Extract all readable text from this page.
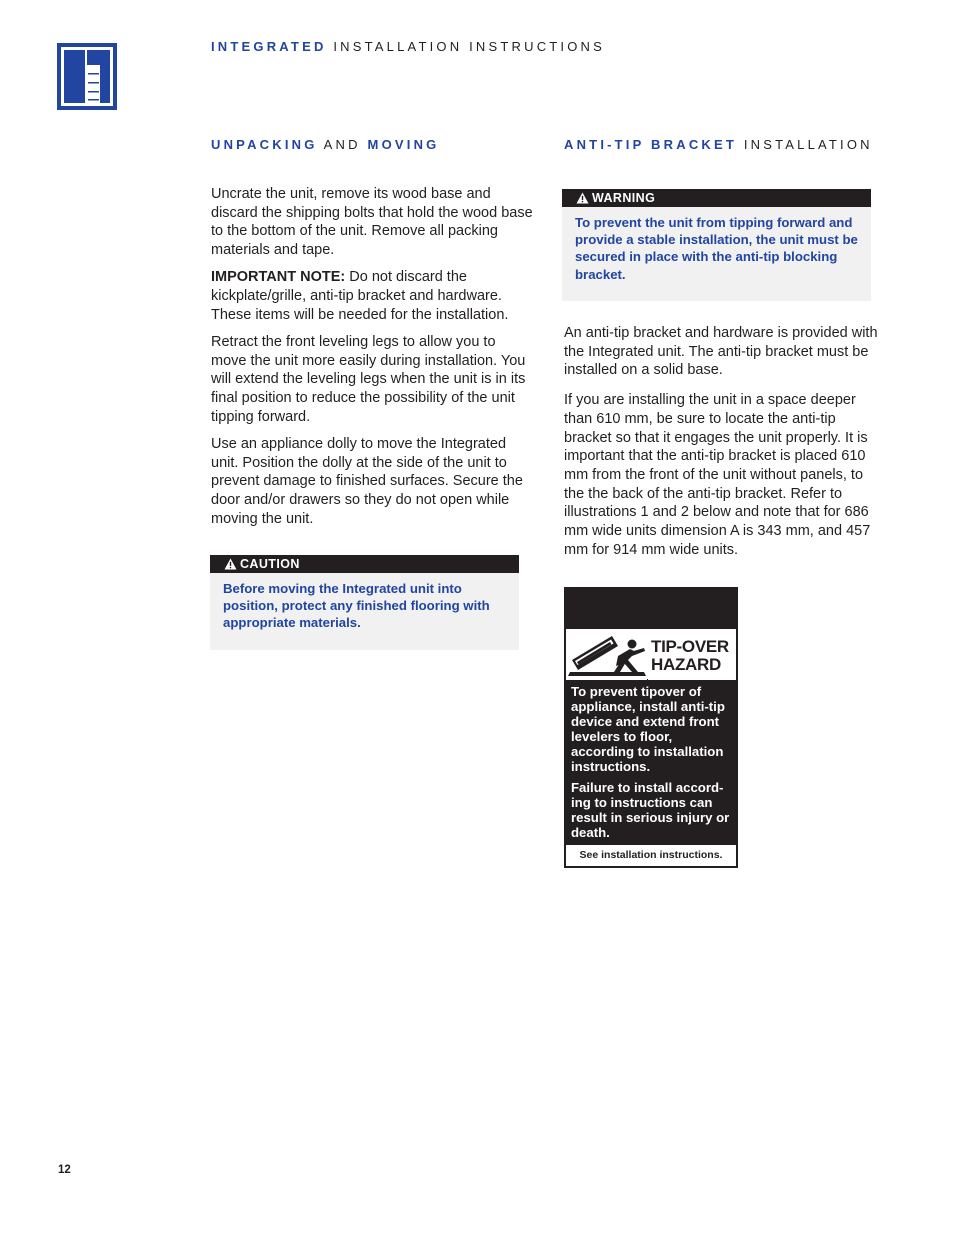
INTEGRATED INSTALLATION INSTRUCTIONS
UNPACKING AND MOVING	ANTI-TIP BRACKET INSTALLATION

Uncrate the unit, remove its wood base and discard the shipping bolts that hold the wood base to the bottom of the unit. Remove all packing materials and tape.

IMPORTANT NOTE: Do not discard the kickplate/grille, anti-tip bracket and hardware. These items will be needed for the installation.

Retract the front leveling legs to allow you to move the unit more easily during installation. You will extend the leveling legs when the unit is in its final position to reduce the possibility of the unit tipping forward.

Use an appliance dolly to move the Integrated unit. Position the dolly at the side of the unit to prevent damage to finished surfaces. Secure the door and/or drawers so they do not open while moving the unit.

CAUTION
Before moving the Integrated unit into position, protect any finished flooring with appropriate materials.
WARNING
To prevent the unit from tipping forward and provide a stable installation, the unit must be secured in place with the anti-tip blocking bracket.

An anti-tip bracket and hardware is provided with the Integrated unit. The anti-tip bracket must be installed on a solid base.

If you are installing the unit in a space deeper than 610 mm, be sure to locate the anti-tip bracket so that it engages the unit properly. It is important that the anti-tip bracket is placed 610 mm from the front of the unit without panels, to the the back of the anti-tip bracket. Refer to illustrations 1 and 2 below and note that for 686 mm wide units dimension A is 343 mm, and 457 mm for 914 mm wide units.

TIP-OVER
HAZARD

To prevent tipover of appliance, install anti-tip device and extend front levelers to floor, according to installation instructions.

Failure to install accord-ing to instructions can result in serious injury or death.

See installation instructions.
12
